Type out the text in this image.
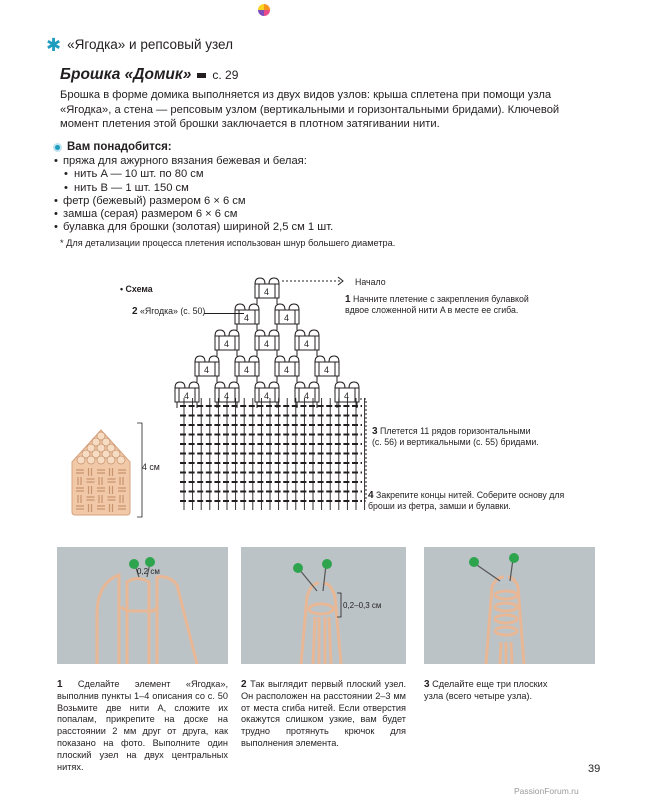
✱ «Ягодка» и репсовый узел
Брошка «Домик» с. 29
Брошка в форме домика выполняется из двух видов узлов: крыша сплетена при помощи узла «Ягодка», а стена — репсовым узлом (вертикальными и горизонтальными бридами). Ключевой момент плетения этой брошки заключается в плотном затягивании нити.
Вам понадобится:
• пряжа для ажурного вязания бежевая и белая:
• нить A — 10 шт. по 80 см
• нить B — 1 шт. 150 см
• фетр (бежевый) размером 6 × 6 см
• замша (серая) размером 6 × 6 см
• булавка для брошки (золотая) шириной 2,5 см 1 шт.
* Для детализации процесса плетения использован шнур большего диаметра.
• Схема	4
4	4
4	4	4
4	4	4	4
4	4	4	4	4
Начало
1 Начните плетение с закрепления булавкой вдвое сложенной нити A в месте ее сгиба.
2 «Ягодка» (с. 50).
3 Плетется 11 рядов горизонтальными (с. 56) и вертикальными (с. 55) бридами.
4 Закрепите концы нитей. Соберите основу для броши из фетра, замши и булавки.
4 см
0,2 см
0,2–0,3 см
1 Сделайте элемент «Ягодка», выполнив пункты 1–4 описания со с. 50 Возьмите две нити A, сложите их попалам, прикрепите на доске на расстоянии 2 мм друг от друга, как показано на фото. Выполните один плоский узел на двух центральных нитях.
2 Так выглядит первый плоский узел. Он расположен на расстоянии 2–3 мм от места сгиба нитей. Если отверстия окажутся слишком узкие, вам будет трудно протянуть крючок для выполнения элемента.
3 Сделайте еще три плоских узла (всего четыре узла).
39
PassionForum.ru
